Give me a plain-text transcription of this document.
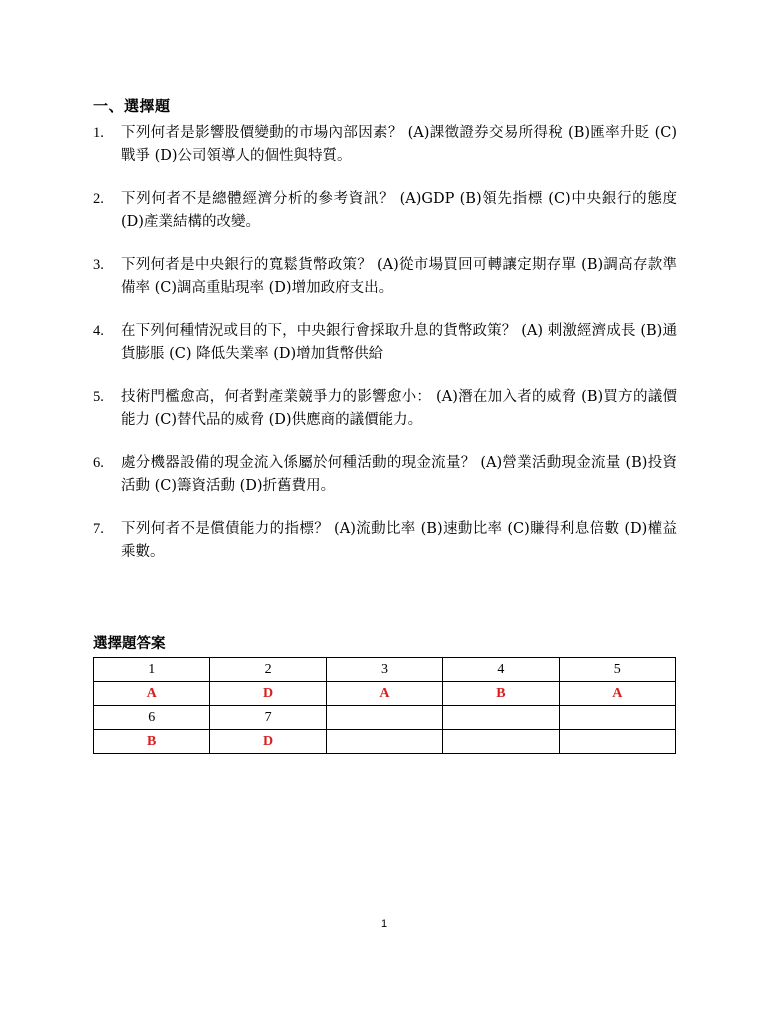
一、選擇題
1. 下列何者是影響股價變動的市場內部因素？ (A)課徵證券交易所得稅 (B)匯率升貶 (C)戰爭 (D)公司領導人的個性與特質。
2. 下列何者不是總體經濟分析的參考資訊？ (A)GDP (B)領先指標 (C)中央銀行的態度 (D)產業結構的改變。
3. 下列何者是中央銀行的寬鬆貨幣政策？ (A)從市場買回可轉讓定期存單 (B)調高存款準備率 (C)調高重貼現率 (D)增加政府支出。
4. 在下列何種情況或目的下，中央銀行會採取升息的貨幣政策？ (A) 刺激經濟成長 (B)通貨膨脹 (C) 降低失業率 (D)增加貨幣供給
5. 技術門檻愈高，何者對產業競爭力的影響愈小： (A)潛在加入者的威脅 (B)買方的議價能力 (C)替代品的威脅 (D)供應商的議價能力。
6. 處分機器設備的現金流入係屬於何種活動的現金流量？ (A)營業活動現金流量 (B)投資活動 (C)籌資活動 (D)折舊費用。
7. 下列何者不是償債能力的指標？ (A)流動比率 (B)速動比率 (C)賺得利息倍數 (D)權益乘數。
選擇題答案
1	2	3	4	5
A	D	A	B	A
6	7			
B	D			
1
